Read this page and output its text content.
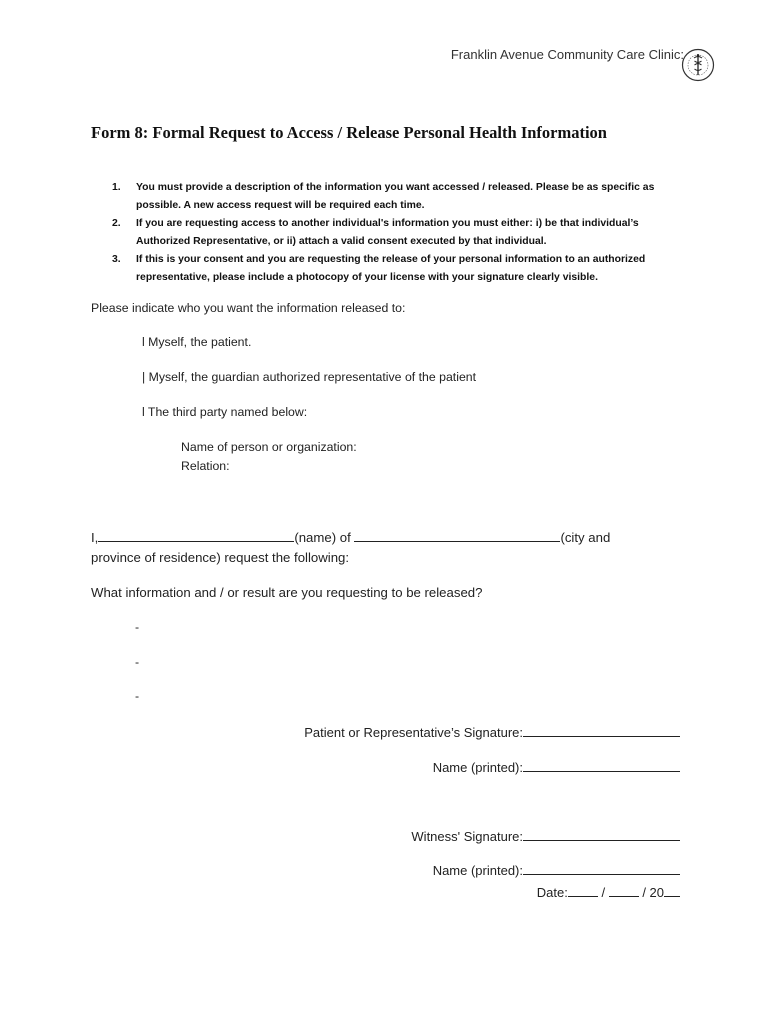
Franklin Avenue Community Care Clinic:
Form 8: Formal Request to Access / Release Personal Health Information
1. You must provide a description of the information you want accessed / released. Please be as specific as
possible. A new access request will be required each time.
2. If you are requesting access to another individual's information you must either: i) be that individual’s
Authorized Representative, or ii) attach a valid consent executed by that individual.
3. If this is your consent and you are requesting the release of your personal information to an authorized
representative, please include a photocopy of your license with your signature clearly visible.
Please indicate who you want the information released to:
l Myself, the patient.
| Myself, the guardian authorized representative of the patient
l The third party named below:
Name of person or organization:
Relation:
I,	(name) of	(city and
province of residence) request the following:
What information and / or result are you requesting to be released?
-
-
-
Patient or Representative’s Signature:
Name (printed):
Witness' Signature:
Name (printed):
Date:	/	/ 20
